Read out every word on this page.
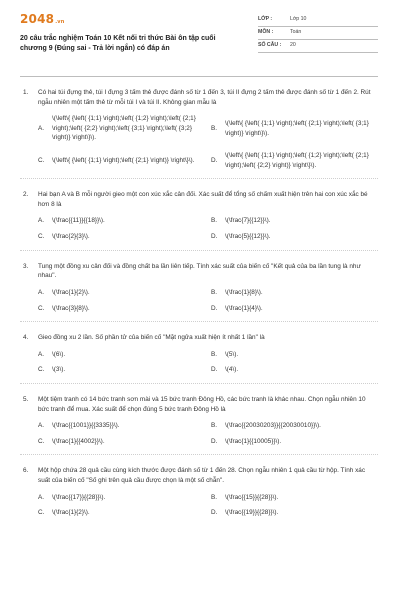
2048.vn
20 câu trắc nghiệm Toán 10 Kết nối tri thức Bài ôn tập cuối chương 9 (Đúng sai - Trả lời ngắn) có đáp án
LỚP :	Lớp 10
MÔN :	Toán
SỐ CÂU :	20
1.	Có hai túi đựng thẻ, túi I đựng 3 tấm thẻ được đánh số từ 1 đến 3, túi II đựng 2 tấm thẻ được đánh số từ 1 đến 2. Rút ngẫu nhiên một tấm thẻ từ mỗi túi I và túi II. Không gian mẫu là
A.
\(\left\{ {\left( {1;1} \right);\left( {1;2} \right);\left( {2;1} \right);\left( {2;2} \right);\left( {3;1} \right);\left( {3;2} \right)} \right\}\).
B.
\(\left\{ {\left( {1;1} \right);\left( {2;1} \right);\left( {3;1} \right)} \right\}\).
C.	\(\left\{ {\left( {1;1} \right);\left( {2;1} \right)} \right\}\).	D.
\(\left\{ {\left( {1;1} \right);\left( {1;2} \right);\left( {2;1} \right);\left( {2;2} \right)} \right\}\).
2.	Hai bạn A và B mỗi người gieo một con xúc xắc cân đối. Xác suất để tổng số chấm xuất hiện trên hai con xúc xắc bé hơn 8 là
A.	\(\frac{{11}}{{18}}\).	B.	\(\frac{7}{{12}}\).
C.	\(\frac{2}{3}\).	D.	\(\frac{5}{{12}}\).
3.	Tung một đồng xu cân đối và đồng chất ba lần liên tiếp. Tính xác suất của biến cố "Kết quả của ba lần tung là như nhau".
A.	\(\frac{1}{2}\).	B.	\(\frac{1}{8}\).
C.	\(\frac{3}{8}\).	D.	\(\frac{1}{4}\).
4.	Gieo đồng xu 2 lần. Số phần tử của biến cố "Mặt ngửa xuất hiện ít nhất 1 lần" là
A.	\(6\).	B.	\(5\).
C.	\(3\).	D.	\(4\).
5.	Một tiệm tranh có 14 bức tranh sơn mài và 15 bức tranh Đông Hồ, các bức tranh là khác nhau. Chọn ngẫu nhiên 10 bức tranh để mua. Xác suất để chọn đúng 5 bức tranh Đông Hồ là
A.	\(\frac{{1001}}{{3335}}\).	B.	\(\frac{{20030203}}{{20030010}}\).
C.	\(\frac{1}{{4002}}\).	D.	\(\frac{1}{{10005}}\).
6.	Một hộp chứa 28 quả cầu cùng kích thước được đánh số từ 1 đến 28. Chọn ngẫu nhiên 1 quả cầu từ hộp. Tính xác suất của biến cố "Số ghi trên quả cầu được chọn là một số chẵn".
A.	\(\frac{{17}}{{28}}\).	B.	\(\frac{{15}}{{28}}\).
C.	\(\frac{1}{2}\).	D.	\(\frac{{19}}{{28}}\).
